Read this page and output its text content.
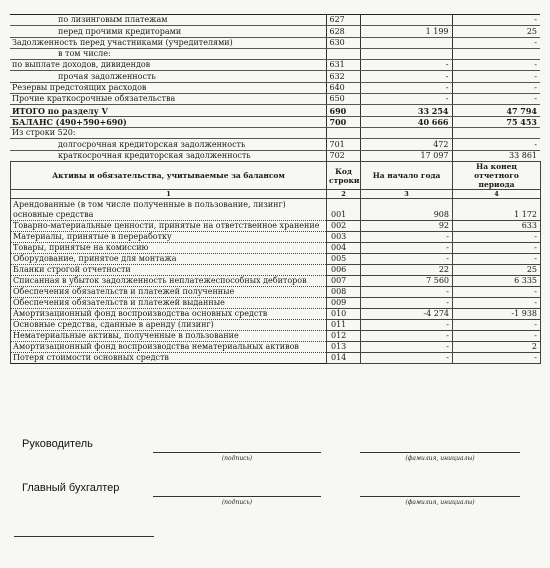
по лизинговым платежам	627		-
перед прочими кредиторами	628	1 199	25
Задолженность перед участниками (учредителями)	630		-
в том числе:			
по выплате доходов, дивидендов	631	-	-
прочая задолженность	632	-	-
Резервы предстоящих расходов	640	-	-
Прочие краткосрочные обязательства	650	-	-
ИТОГО по разделу V	690	33 254	47 794
БАЛАНС (490+590+690)	700	40 666	75 453
Из строки 520:			
долгосрочная кредиторская задолженность	701	472	-
краткосрочная кредиторская задолженность	702	17 097	33 861
Активы и обязательства, учитываемые за балансом	Код строки	На начало года	На конец отчетного периода
1	2	3	4
Арендованные (в том числе полученные в пользование, лизинг) основные средства	001	908	1 172
Товарно-материальные ценности, принятые на ответственное хранение	002	92	633
Материалы, принятые в переработку	003	-	-
Товары, принятые на комиссию	004	-	-
Оборудование, принятое для монтажа	005	-	-
Бланки строгой отчетности	006	22	25
Списанная в убыток задолженность неплатежеспособных дебиторов	007	7 560	6 335
Обеспечения обязательств и платежей полученные	008	-	-
Обеспечения обязательств и платежей выданные	009	-	-
Амортизационный фонд воспроизводства основных средств	010	-4 274	-1 938
Основные средства, сданные в аренду (лизинг)	011	-	-
Нематериальные активы, полученные в пользование	012	-	-
Амортизационный фонд воспроизводства нематериальных активов	013	-	2
Потеря стоимости основных средств	014	-	-
Руководитель
(подпись)	(фамилия, инициалы)
Главный бухгалтер
(подпись)	(фамилия, инициалы)
